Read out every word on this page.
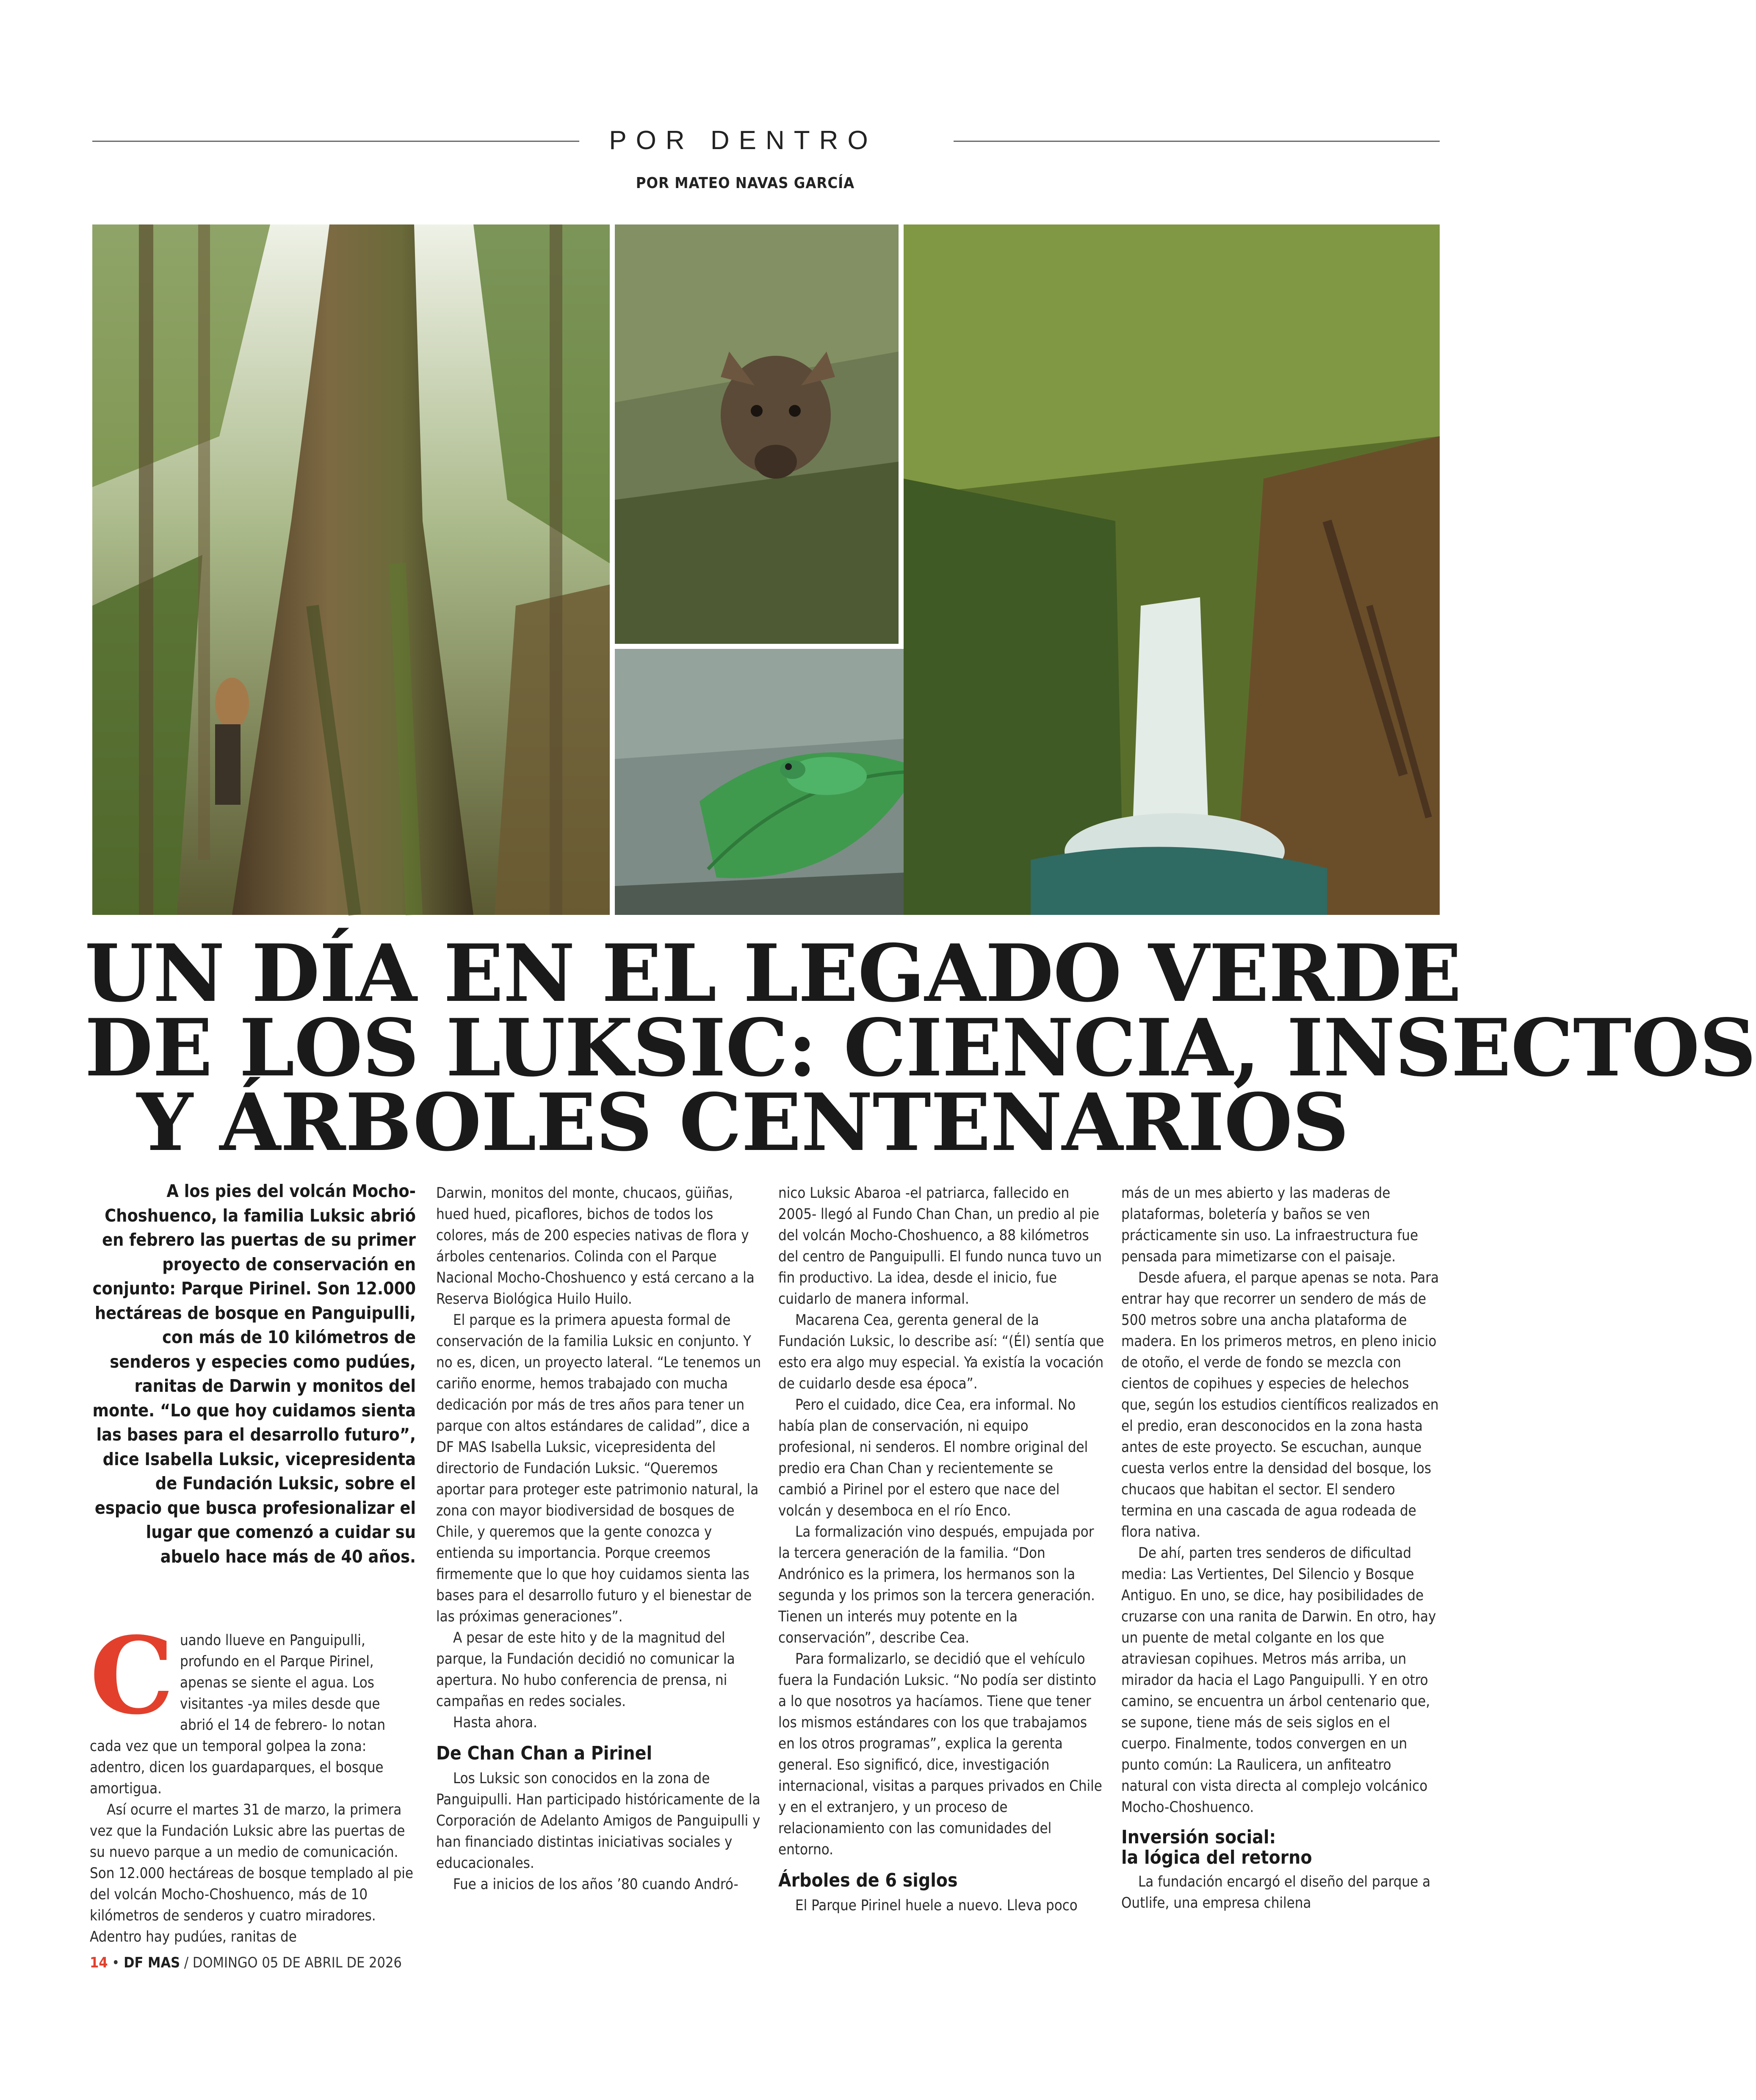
POR DENTRO
POR MATEO NAVAS GARCÍA
UN DÍA EN EL LEGADO VERDE
DE LOS LUKSIC: CIENCIA, INSECTOS
Y ÁRBOLES CENTENARIOS
A los pies del volcán Mocho-Choshuenco, la familia Luksic abrió en febrero las puertas de su primer proyecto de conservación en conjunto: Parque Pirinel. Son 12.000 hectáreas de bosque en Panguipulli, con más de 10 kilómetros de senderos y especies como pudúes, ranitas de Darwin y monitos del monte. “Lo que hoy cuidamos sienta las bases para el desarrollo futuro”, dice Isabella Luksic, vicepresidenta de Fundación Luksic, sobre el espacio que busca profesionalizar el lugar que comenzó a cuidar su abuelo hace más de 40 años.
C uando llueve en Panguipulli, profundo en el Parque Pirinel, apenas se siente el agua. Los visitantes -ya miles desde que abrió el 14 de febrero- lo notan cada vez que un temporal golpea la zona: adentro, dicen los guardaparques, el bosque amortigua.

Así ocurre el martes 31 de marzo, la primera vez que la Fundación Luksic abre las puertas de su nuevo parque a un medio de comunicación. Son 12.000 hectáreas de bosque templado al pie del volcán Mocho-Choshuenco, más de 10 kilómetros de senderos y cuatro miradores. Adentro hay pudúes, ranitas de

Darwin, monitos del monte, chucaos, güiñas, hued hued, picaflores, bichos de todos los colores, más de 200 especies nativas de flora y árboles centenarios. Colinda con el Parque Nacional Mocho-Choshuenco y está cercano a la Reserva Biológica Huilo Huilo.

El parque es la primera apuesta formal de conservación de la familia Luksic en conjunto. Y no es, dicen, un proyecto lateral. “Le tenemos un cariño enorme, hemos trabajado con mucha dedicación por más de tres años para tener un parque con altos estándares de calidad”, dice a DF MAS Isabella Luksic, vicepresidenta del directorio de Fundación Luksic. “Queremos aportar para proteger este patrimonio natural, la zona con mayor biodiversidad de bosques de Chile, y queremos que la gente conozca y entienda su importancia. Porque creemos firmemente que lo que hoy cuidamos sienta las bases para el desarrollo futuro y el bienestar de las próximas generaciones”.

A pesar de este hito y de la magnitud del parque, la Fundación decidió no comunicar la apertura. No hubo conferencia de prensa, ni campañas en redes sociales.

Hasta ahora.

De Chan Chan a Pirinel

Los Luksic son conocidos en la zona de Panguipulli. Han participado históricamente de la Corporación de Adelanto Amigos de Panguipulli y han financiado distintas iniciativas sociales y educacionales.

Fue a inicios de los años ’80 cuando Andró-

nico Luksic Abaroa -el patriarca, fallecido en 2005- llegó al Fundo Chan Chan, un predio al pie del volcán Mocho-Choshuenco, a 88 kilómetros del centro de Panguipulli. El fundo nunca tuvo un fin productivo. La idea, desde el inicio, fue cuidarlo de manera informal.

Macarena Cea, gerenta general de la Fundación Luksic, lo describe así: “(Él) sentía que esto era algo muy especial. Ya existía la vocación de cuidarlo desde esa época”.

Pero el cuidado, dice Cea, era informal. No había plan de conservación, ni equipo profesional, ni senderos. El nombre original del predio era Chan Chan y recientemente se cambió a Pirinel por el estero que nace del volcán y desemboca en el río Enco.

La formalización vino después, empujada por la tercera generación de la familia. “Don Andrónico es la primera, los hermanos son la segunda y los primos son la tercera generación. Tienen un interés muy potente en la conservación”, describe Cea.

Para formalizarlo, se decidió que el vehículo fuera la Fundación Luksic. “No podía ser distinto a lo que nosotros ya hacíamos. Tiene que tener los mismos estándares con los que trabajamos en los otros programas”, explica la gerenta general. Eso significó, dice, investigación internacional, visitas a parques privados en Chile y en el extranjero, y un proceso de relacionamiento con las comunidades del entorno.

Árboles de 6 siglos

El Parque Pirinel huele a nuevo. Lleva poco

más de un mes abierto y las maderas de plataformas, boletería y baños se ven prácticamente sin uso. La infraestructura fue pensada para mimetizarse con el paisaje.

Desde afuera, el parque apenas se nota. Para entrar hay que recorrer un sendero de más de 500 metros sobre una ancha plataforma de madera. En los primeros metros, en pleno inicio de otoño, el verde de fondo se mezcla con cientos de copihues y especies de helechos que, según los estudios científicos realizados en el predio, eran desconocidos en la zona hasta antes de este proyecto. Se escuchan, aunque cuesta verlos entre la densidad del bosque, los chucaos que habitan el sector. El sendero termina en una cascada de agua rodeada de flora nativa.

De ahí, parten tres senderos de dificultad media: Las Vertientes, Del Silencio y Bosque Antiguo. En uno, se dice, hay posibilidades de cruzarse con una ranita de Darwin. En otro, hay un puente de metal colgante en los que atraviesan copihues. Metros más arriba, un mirador da hacia el Lago Panguipulli. Y en otro camino, se encuentra un árbol centenario que, se supone, tiene más de seis siglos en el cuerpo. Finalmente, todos convergen en un punto común: La Raulicera, un anfiteatro natural con vista directa al complejo volcánico Mocho-Choshuenco.

Inversión social:
la lógica del retorno

La fundación encargó el diseño del parque a Outlife, una empresa chilena

14 • DF MAS / DOMINGO 05 DE ABRIL DE 2026
